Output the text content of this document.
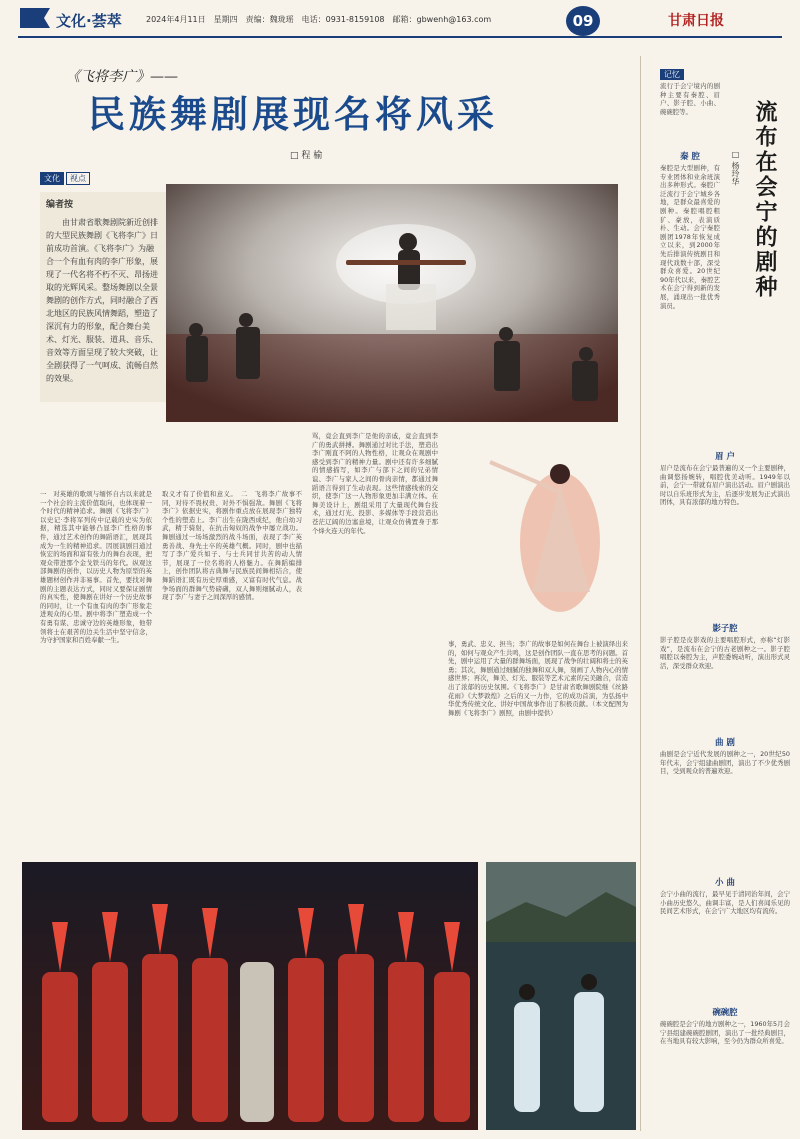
文化·荟萃	2024年4月11日　星期四　责编：魏珑瑶　电话：0931-8159108　邮箱：gbwenh@163.com	09	甘肃日报
《飞将李广》——
民族舞剧展现名将风采
□ 程 榆
文化	视点
编者按
由甘肃省歌舞剧院新近创排的大型民族舞剧《飞将李广》日前成功首演。《飞将李广》为融合一个有血有肉的李广形象，展现了一代名将不朽不灭、昂扬进取的光辉风采。整场舞剧以全景舞剧的创作方式，同时融合了西北地区的民族风情舞蹈，塑造了深沉有力的形象，配合舞台美术、灯光、服装、道具、音乐、音效等方面呈现了较大突破，让全剧获得了一气呵成、流畅自然的效果。
一　对英雄的歌颂与缅怀自古以来就是一个社会的主流价值取向，也体现着一个时代的精神追求。舞剧《飞将李广》以史记·李将军列传中记载的史实为依据，精选其中能够凸显李广性格的事件，通过艺术创作的舞蹈语汇，展现其成为一生的精神追求。因展演剧目通过恢宏的场面和富有张力的舞台表现，把观众带进那个金戈铁马的年代。纵观这部舞剧的创作，以历史人物为原型的英雄题材创作并非易事。首先，要找对舞剧的主题表达方式，同时又要保证剧情的真实性，使舞剧在讲好一个历史故事的同时，让一个有血有肉的李广形象走进观众的心里。剧中将李广塑造成一个有勇有谋、忠诚守边的英雄形象，他带领将士在艰苦的边关生活中坚守信念，为守护国家和百姓奉献一生。
取义才有了价值和意义。　二　飞将李广故事不同，对待不畏权贵、对外不惧强敌。舞剧《飞将李广》依据史实，将剧作重点放在展现李广独特个性的塑造上。李广出生在陇西成纪，他自幼习武，精于骑射，在抗击匈奴的战争中屡立战功。舞剧通过一场场激烈的战斗场面，表现了李广英勇善战、身先士卒的英雄气概。同时，剧中也描写了李广爱兵如子、与士兵同甘共苦的动人情节，展现了一位名将的人格魅力。在舞蹈编排上，创作团队将古典舞与民族民间舞相结合，使舞蹈语汇既有历史厚重感，又富有时代气息。战争场面的群舞气势磅礴，双人舞则细腻动人，表现了李广与妻子之间深厚的感情。
骂，竟会直到李广是他的亲戚，竟会直到李广的勇武拼搏。舞剧通过对比手法，塑造出李广刚直不阿的人物性格，让观众在观剧中感受到李广的精神力量。剧中还有许多细腻的情感描写，如李广与部下之间的兄弟情谊、李广与家人之间的骨肉亲情，都通过舞蹈语言得到了生动表现。这些情感线索的交织，使李广这一人物形象更加丰满立体。在舞美设计上，剧组采用了大量现代舞台技术，通过灯光、投影、多媒体等手段营造出苍茫辽阔的边塞意境，让观众仿佛置身于那个烽火连天的年代。
事，勇武、忠义、担当；李广的故事是如何在舞台上被演绎出来的，如何与观众产生共鸣，这是创作团队一直在思考的问题。首先，剧中运用了大量的群舞场面，展现了战争的壮阔和将士的英勇；其次，舞剧通过细腻的独舞和双人舞，刻画了人物内心的情感世界；再次，舞美、灯光、服装等艺术元素的完美融合，营造出了浓郁的历史氛围。《飞将李广》是甘肃省歌舞剧院继《丝路花雨》《大梦敦煌》之后的又一力作，它的成功首演，为弘扬中华优秀传统文化、讲好中国故事作出了积极贡献。（本文配图为舞剧《飞将李广》剧照，由剧中提供）
记忆
流布在会宁的剧种
□ 杨玲华
流行于会宁境内的剧种主要有秦腔、眉户、影子腔、小曲、碗碗腔等。
秦 腔
秦腔是大型剧种，有专业团体和业余班演出多种形式。秦腔广泛流行于会宁城乡各地，是群众最喜爱的剧种。秦腔唱腔粗犷、豪放，表演质朴、生动。会宁秦腔剧团1978年恢复成立以来，到2000年先后排演传统剧目和现代戏数十部，深受群众喜爱。20世纪90年代以来，秦腔艺术在会宁得到新的发展，涌现出一批优秀演员。
眉 户
眉户是流布在会宁最普遍的又一个主要剧种，曲调悠扬婉转，唱腔优美动听。1949年以前，会宁一带就有眉户演出活动。眉户剧演出时以自乐班形式为主，后逐步发展为正式演出团体，具有浓郁的地方特色。
影子腔
影子腔是皮影戏的主要唱腔形式，亦称“灯影戏”，是流布在会宁的古老剧种之一。影子腔唱腔以秦腔为主，声腔委婉动听，演出形式灵活，深受群众欢迎。
曲 剧
曲剧是会宁近代发展的剧种之一，20世纪50年代末，会宁组建曲剧团，演出了不少优秀剧目，受到观众的普遍欢迎。
小 曲
会宁小曲的流行，最早见于清同治年间，会宁小曲历史悠久，曲调丰富，是人们喜闻乐见的民间艺术形式，在会宁广大地区均有流传。
碗碗腔
碗碗腔是会宁的地方剧种之一，1960年5月会宁县组建碗碗腔剧团，演出了一批经典剧目，在当地具有较大影响，至今仍为群众所喜爱。
